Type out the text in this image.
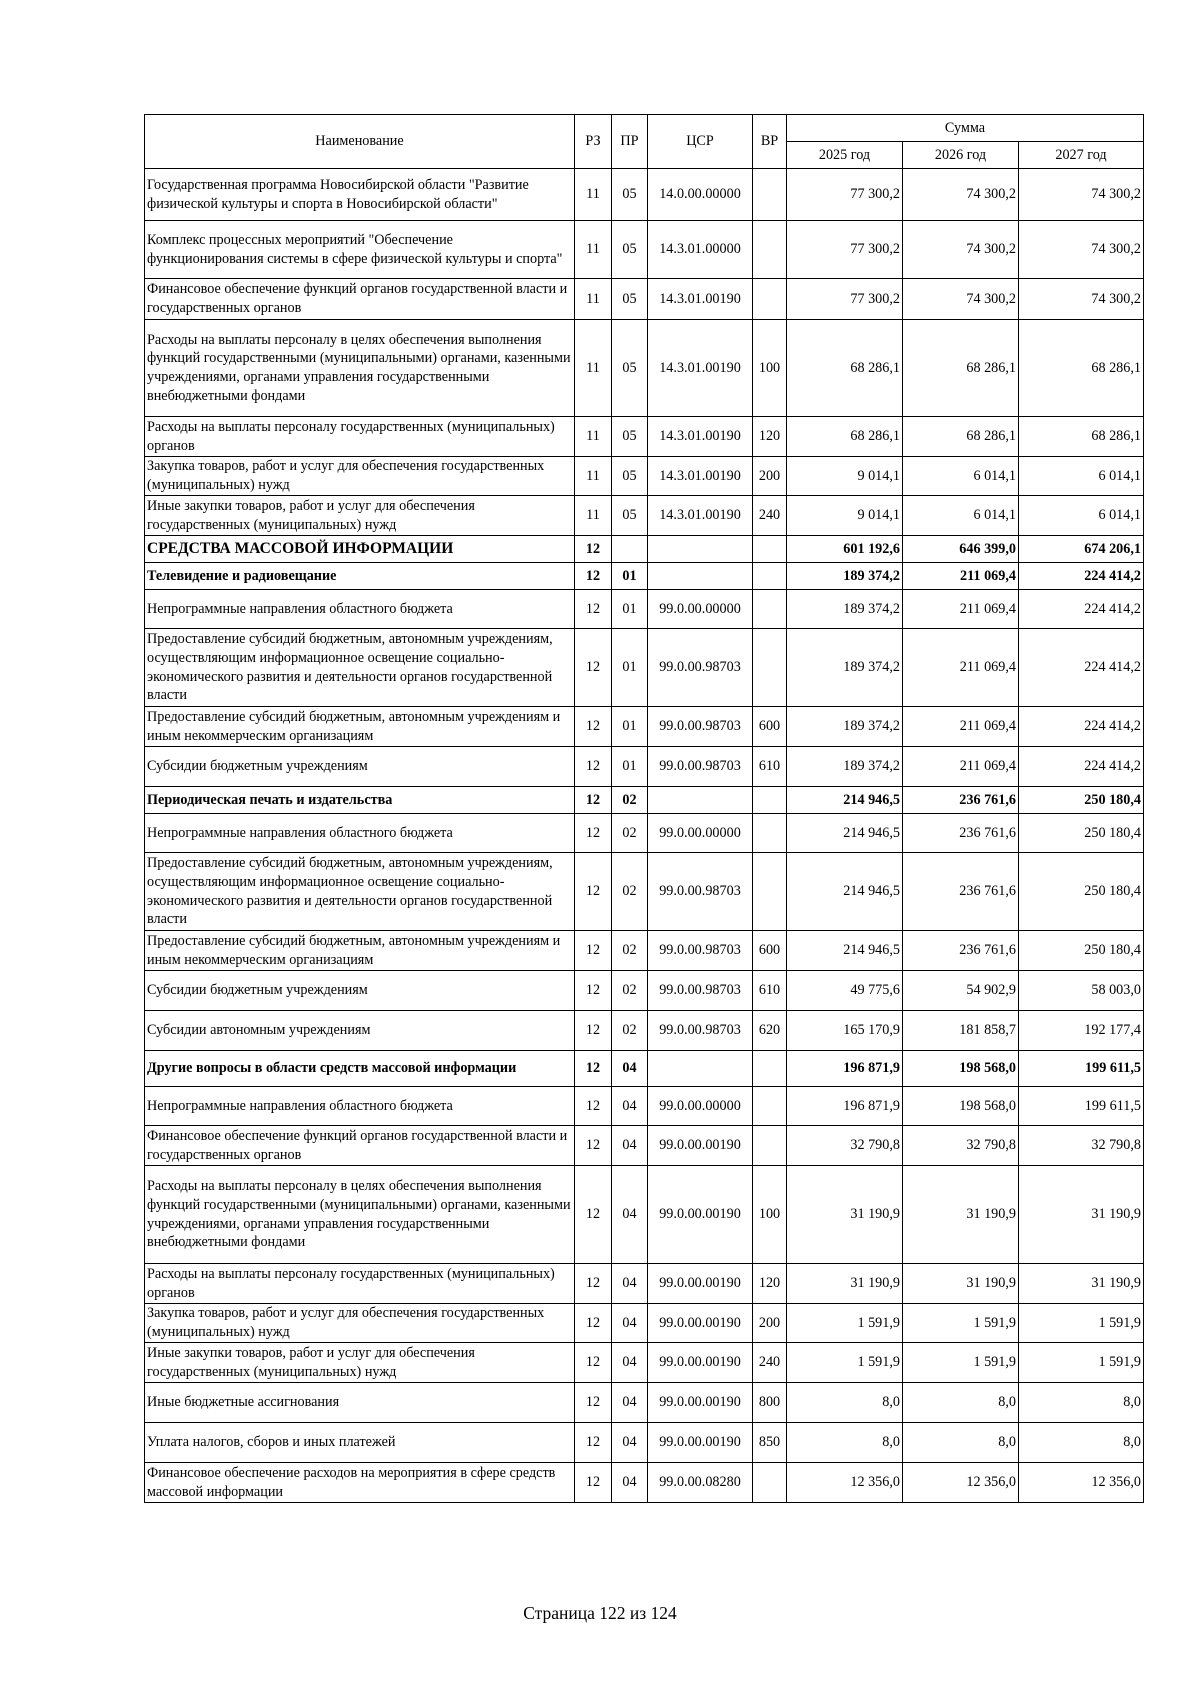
Наименование	РЗ	ПР	ЦСР	ВР	Сумма		
					2025 год	2026 год	2027 год
Государственная программа Новосибирской области "Развитие физической культуры и спорта в Новосибирской области"	11	05	14.0.00.00000		77 300,2	74 300,2	74 300,2
Комплекс процессных мероприятий "Обеспечение функционирования системы в сфере физической культуры и спорта"	11	05	14.3.01.00000		77 300,2	74 300,2	74 300,2
Финансовое обеспечение функций органов государственной власти и государственных органов	11	05	14.3.01.00190		77 300,2	74 300,2	74 300,2
Расходы на выплаты персоналу в целях обеспечения выполнения функций государственными (муниципальными) органами, казенными учреждениями, органами управления государственными внебюджетными фондами	11	05	14.3.01.00190	100	68 286,1	68 286,1	68 286,1
Расходы на выплаты персоналу государственных (муниципальных) органов	11	05	14.3.01.00190	120	68 286,1	68 286,1	68 286,1
Закупка товаров, работ и услуг для обеспечения государственных (муниципальных) нужд	11	05	14.3.01.00190	200	9 014,1	6 014,1	6 014,1
Иные закупки товаров, работ и услуг для обеспечения государственных (муниципальных) нужд	11	05	14.3.01.00190	240	9 014,1	6 014,1	6 014,1
СРЕДСТВА МАССОВОЙ ИНФОРМАЦИИ	12				601 192,6	646 399,0	674 206,1
Телевидение и радиовещание	12	01			189 374,2	211 069,4	224 414,2
Непрограммные направления областного бюджета	12	01	99.0.00.00000		189 374,2	211 069,4	224 414,2
Предоставление субсидий бюджетным, автономным учреждениям, осуществляющим информационное освещение социально-экономического развития и деятельности органов государственной власти	12	01	99.0.00.98703		189 374,2	211 069,4	224 414,2
Предоставление субсидий бюджетным, автономным учреждениям и иным некоммерческим организациям	12	01	99.0.00.98703	600	189 374,2	211 069,4	224 414,2
Субсидии бюджетным учреждениям	12	01	99.0.00.98703	610	189 374,2	211 069,4	224 414,2
Периодическая печать и издательства	12	02			214 946,5	236 761,6	250 180,4
Непрограммные направления областного бюджета	12	02	99.0.00.00000		214 946,5	236 761,6	250 180,4
Предоставление субсидий бюджетным, автономным учреждениям, осуществляющим информационное освещение социально-экономического развития и деятельности органов государственной власти	12	02	99.0.00.98703		214 946,5	236 761,6	250 180,4
Предоставление субсидий бюджетным, автономным учреждениям и иным некоммерческим организациям	12	02	99.0.00.98703	600	214 946,5	236 761,6	250 180,4
Субсидии бюджетным учреждениям	12	02	99.0.00.98703	610	49 775,6	54 902,9	58 003,0
Субсидии автономным учреждениям	12	02	99.0.00.98703	620	165 170,9	181 858,7	192 177,4
Другие вопросы в области средств массовой информации	12	04			196 871,9	198 568,0	199 611,5
Непрограммные направления областного бюджета	12	04	99.0.00.00000		196 871,9	198 568,0	199 611,5
Финансовое обеспечение функций органов государственной власти и государственных органов	12	04	99.0.00.00190		32 790,8	32 790,8	32 790,8
Расходы на выплаты персоналу в целях обеспечения выполнения функций государственными (муниципальными) органами, казенными учреждениями, органами управления государственными внебюджетными фондами	12	04	99.0.00.00190	100	31 190,9	31 190,9	31 190,9
Расходы на выплаты персоналу государственных (муниципальных) органов	12	04	99.0.00.00190	120	31 190,9	31 190,9	31 190,9
Закупка товаров, работ и услуг для обеспечения государственных (муниципальных) нужд	12	04	99.0.00.00190	200	1 591,9	1 591,9	1 591,9
Иные закупки товаров, работ и услуг для обеспечения государственных (муниципальных) нужд	12	04	99.0.00.00190	240	1 591,9	1 591,9	1 591,9
Иные бюджетные ассигнования	12	04	99.0.00.00190	800	8,0	8,0	8,0
Уплата налогов, сборов и иных платежей	12	04	99.0.00.00190	850	8,0	8,0	8,0
Финансовое обеспечение расходов на мероприятия в сфере средств массовой информации	12	04	99.0.00.08280		12 356,0	12 356,0	12 356,0
Страница 122 из 124
